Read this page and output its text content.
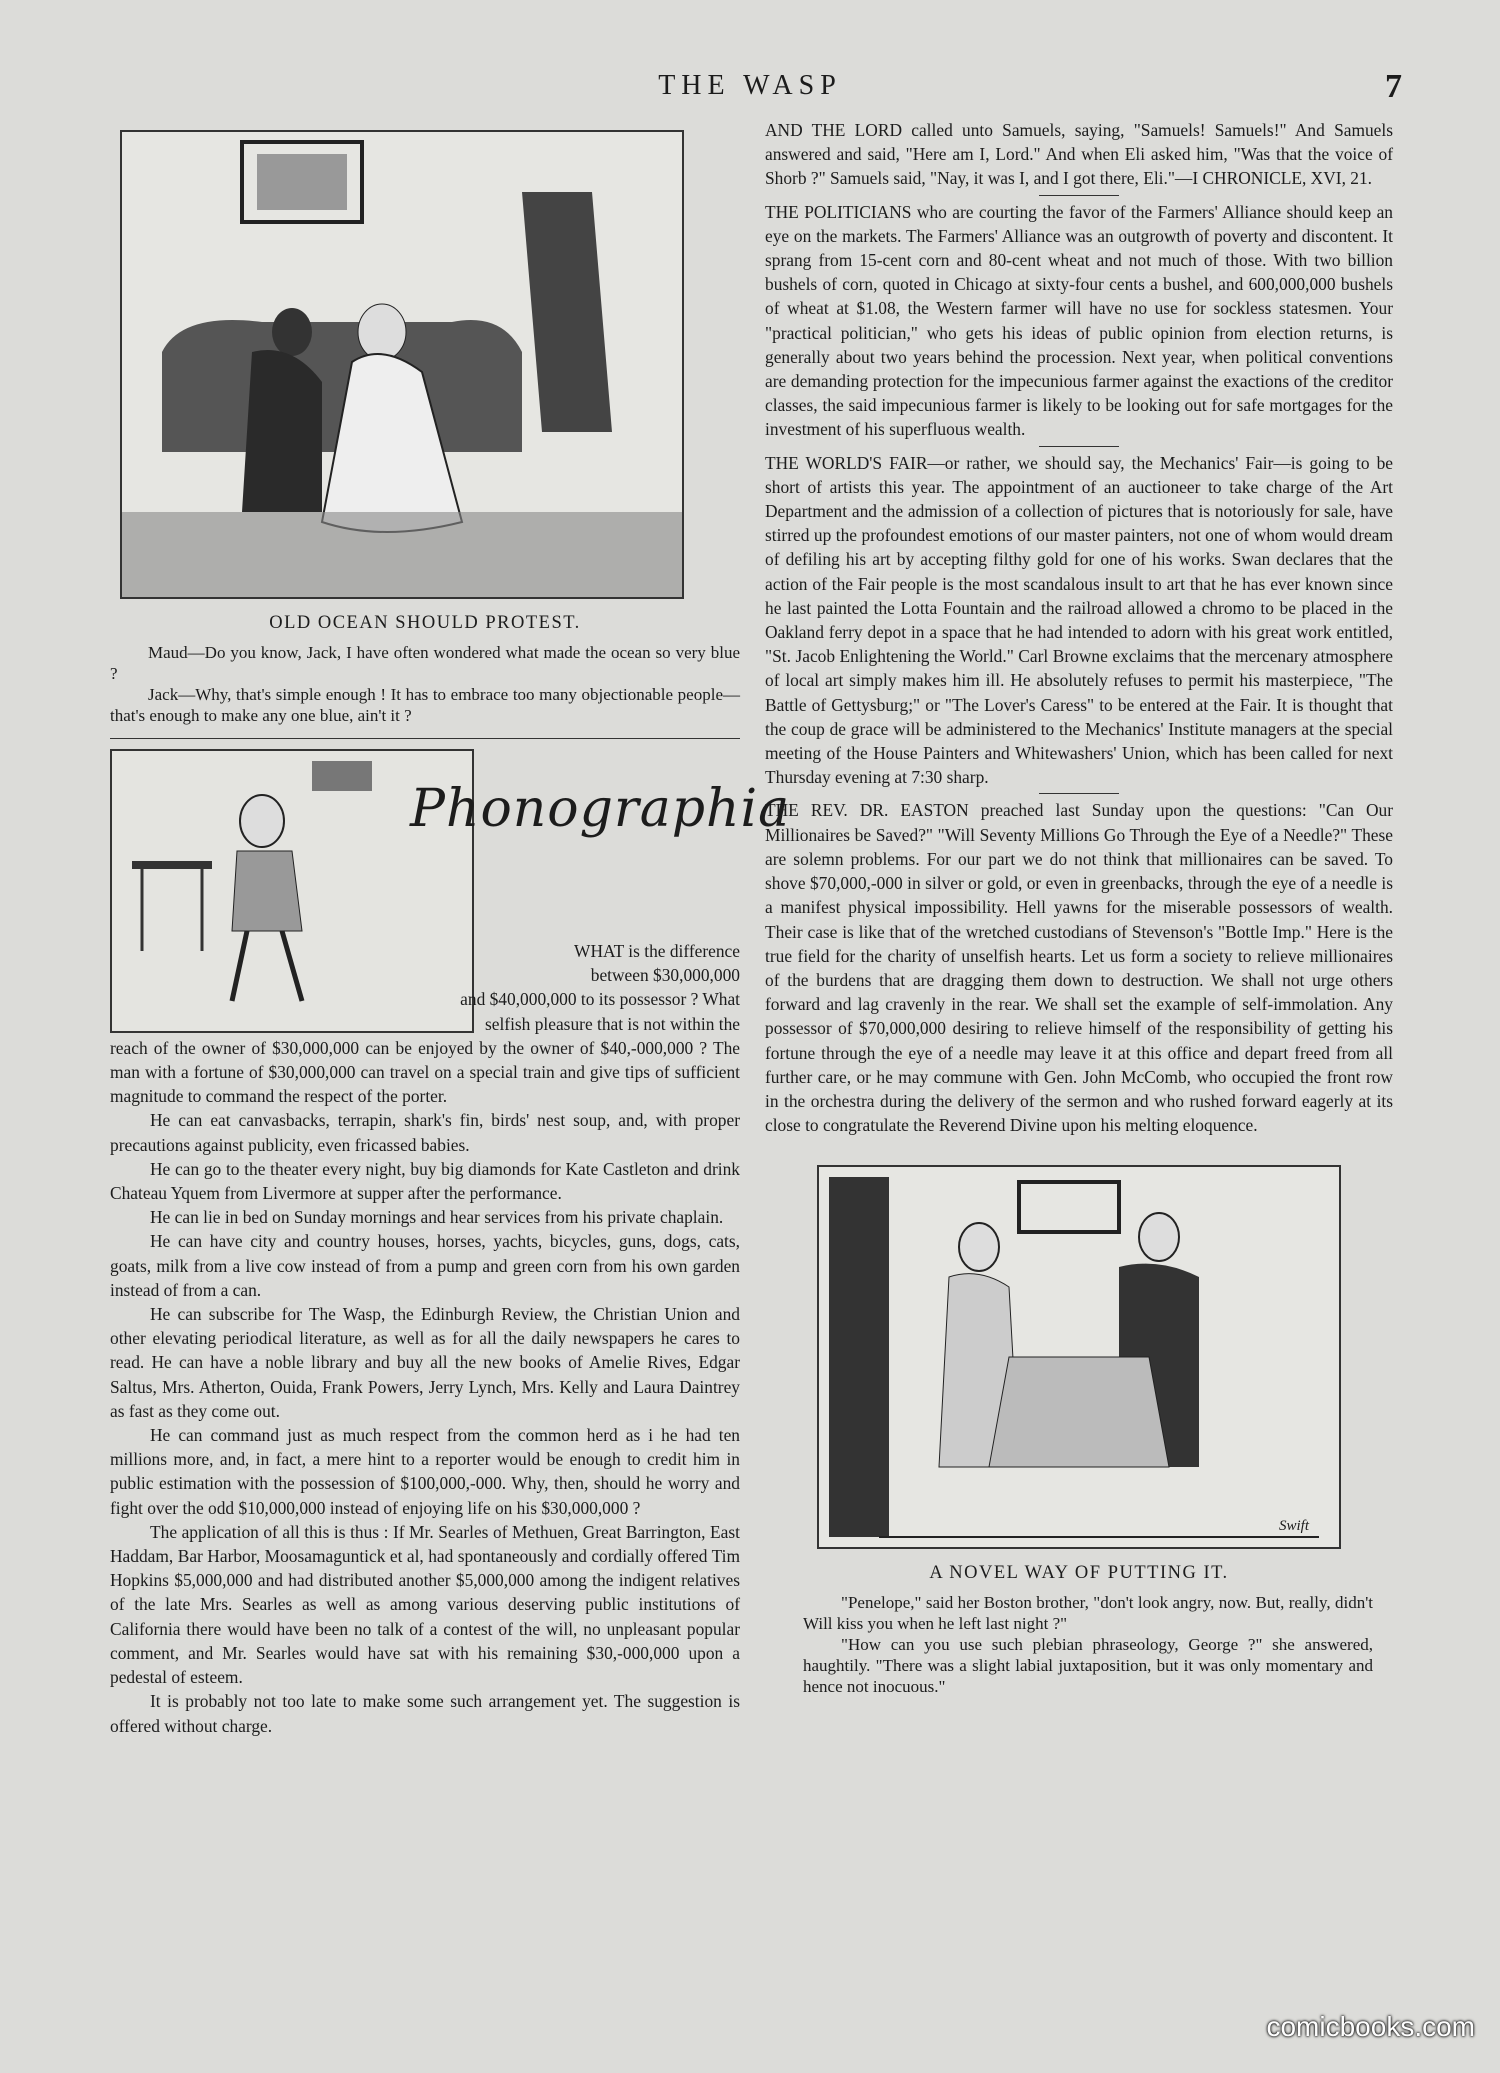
THE WASP	7
OLD OCEAN SHOULD PROTEST.

Maud—Do you know, Jack, I have often wondered what made the ocean so very blue ?

Jack—Why, that's simple enough ! It has to embrace too many objectionable people—that's enough to make any one blue, ain't it ?

Phonographia

WHAT is the difference

between $30,000,000

and $40,000,000 to its possessor ? What

selfish pleasure that is not within the

reach of the owner of $30,000,000 can be enjoyed by the owner of $40,-000,000 ? The man with a fortune of $30,000,000 can travel on a special train and give tips of sufficient magnitude to command the respect of the porter.

He can eat canvasbacks, terrapin, shark's fin, birds' nest soup, and, with proper precautions against publicity, even fricassed babies.

He can go to the theater every night, buy big diamonds for Kate Castleton and drink Chateau Yquem from Livermore at supper after the performance.

He can lie in bed on Sunday mornings and hear services from his private chaplain.

He can have city and country houses, horses, yachts, bicycles, guns, dogs, cats, goats, milk from a live cow instead of from a pump and green corn from his own garden instead of from a can.

He can subscribe for The Wasp, the Edinburgh Review, the Christian Union and other elevating periodical literature, as well as for all the daily newspapers he cares to read. He can have a noble library and buy all the new books of Amelie Rives, Edgar Saltus, Mrs. Atherton, Ouida, Frank Powers, Jerry Lynch, Mrs. Kelly and Laura Daintrey as fast as they come out.

He can command just as much respect from the common herd as i he had ten millions more, and, in fact, a mere hint to a reporter would be enough to credit him in public estimation with the possession of $100,000,-000. Why, then, should he worry and fight over the odd $10,000,000 instead of enjoying life on his $30,000,000 ?

The application of all this is thus : If Mr. Searles of Methuen, Great Barrington, East Haddam, Bar Harbor, Moosamaguntick et al, had spontaneously and cordially offered Tim Hopkins $5,000,000 and had distributed another $5,000,000 among the indigent relatives of the late Mrs. Searles as well as among various deserving public institutions of California there would have been no talk of a contest of the will, no unpleasant popular comment, and Mr. Searles would have sat with his remaining $30,-000,000 upon a pedestal of esteem.

It is probably not too late to make some such arrangement yet. The suggestion is offered without charge.

AND THE LORD called unto Samuels, saying, "Samuels! Samuels!" And Samuels answered and said, "Here am I, Lord." And when Eli asked him, "Was that the voice of Shorb ?" Samuels said, "Nay, it was I, and I got there, Eli."—I CHRONICLE, XVI, 21.

THE POLITICIANS who are courting the favor of the Farmers' Alliance should keep an eye on the markets. The Farmers' Alliance was an outgrowth of poverty and discontent. It sprang from 15-cent corn and 80-cent wheat and not much of those. With two billion bushels of corn, quoted in Chicago at sixty-four cents a bushel, and 600,000,000 bushels of wheat at $1.08, the Western farmer will have no use for sockless statesmen. Your "practical politician," who gets his ideas of public opinion from election returns, is generally about two years behind the procession. Next year, when political conventions are demanding protection for the impecunious farmer against the exactions of the creditor classes, the said impecunious farmer is likely to be looking out for safe mortgages for the investment of his superfluous wealth.

THE WORLD'S FAIR—or rather, we should say, the Mechanics' Fair—is going to be short of artists this year. The appointment of an auctioneer to take charge of the Art Department and the admission of a collection of pictures that is notoriously for sale, have stirred up the profoundest emotions of our master painters, not one of whom would dream of defiling his art by accepting filthy gold for one of his works. Swan declares that the action of the Fair people is the most scandalous insult to art that he has ever known since he last painted the Lotta Fountain and the railroad allowed a chromo to be placed in the Oakland ferry depot in a space that he had intended to adorn with his great work entitled, "St. Jacob Enlightening the World." Carl Browne exclaims that the mercenary atmosphere of local art simply makes him ill. He absolutely refuses to permit his masterpiece, "The Battle of Gettysburg;" or "The Lover's Caress" to be entered at the Fair. It is thought that the coup de grace will be administered to the Mechanics' Institute managers at the special meeting of the House Painters and Whitewashers' Union, which has been called for next Thursday evening at 7:30 sharp.

THE REV. DR. EASTON preached last Sunday upon the questions: "Can Our Millionaires be Saved?" "Will Seventy Millions Go Through the Eye of a Needle?" These are solemn problems. For our part we do not think that millionaires can be saved. To shove $70,000,-000 in silver or gold, or even in greenbacks, through the eye of a needle is a manifest physical impossibility. Hell yawns for the miserable possessors of wealth. Their case is like that of the wretched custodians of Stevenson's "Bottle Imp." Here is the true field for the charity of unselfish hearts. Let us form a society to relieve millionaires of the burdens that are dragging them down to destruction. We shall not urge others forward and lag cravenly in the rear. We shall set the example of self-immolation. Any possessor of $70,000,000 desiring to relieve himself of the responsibility of getting his fortune through the eye of a needle may leave it at this office and depart freed from all further care, or he may commune with Gen. John McComb, who occupied the front row in the orchestra during the delivery of the sermon and who rushed forward eagerly at its close to congratulate the Reverend Divine upon his melting eloquence.

Swift
A NOVEL WAY OF PUTTING IT.

"Penelope," said her Boston brother, "don't look angry, now. But, really, didn't Will kiss you when he left last night ?"

"How can you use such plebian phraseology, George ?" she answered, haughtily. "There was a slight labial juxtaposition, but it was only momentary and hence not inocuous."

comicbooks.com
